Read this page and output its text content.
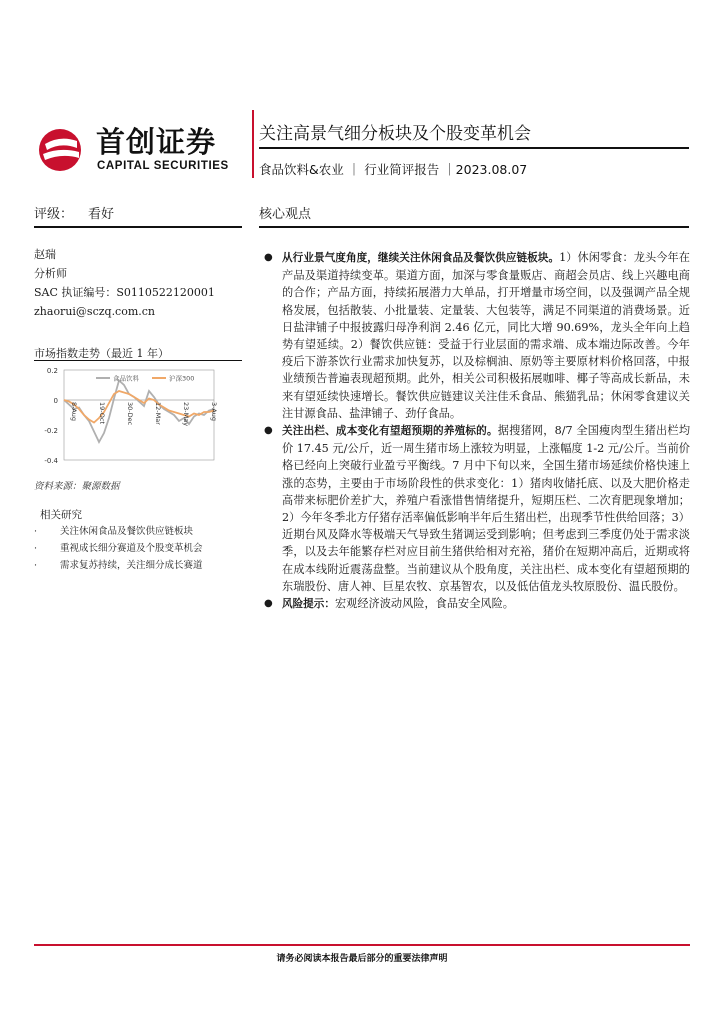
首创证券
CAPITAL SECURITIES
关注高景气细分板块及个股变革机会
食品饮料&农业 ｜ 行业简评报告 ｜2023.08.07
评级： 看好	核心观点
赵瑞
分析师
SAC 执证编号：S0110522120001
zhaorui@sczq.com.cn
市场指数走势（最近 1 年）
0.2
0
-0.2
-0.4
8-Aug	19-Oct	30-Dec	12-Mar	23-May	3-Aug
食品饮料	沪深300
资料来源：聚源数据
相关研究
· 关注休闲食品及餐饮供应链板块
· 重视成长细分赛道及个股变革机会
· 需求复苏持续，关注细分成长赛道
● 从行业景气度角度，继续关注休闲食品及餐饮供应链板块。1）休闲零食：龙头今年在产品及渠道持续变革。渠道方面，加深与零食量贩店、商超会员店、线上兴趣电商的合作；产品方面，持续拓展潜力大单品，打开增量市场空间，以及强调产品全规格发展，包括散装、小批量装、定量装、大包装等，满足不同渠道的消费场景。近日盐津铺子中报披露归母净利润 2.46 亿元，同比大增 90.69%，龙头全年向上趋势有望延续。2）餐饮供应链：受益于行业层面的需求端、成本端边际改善。今年疫后下游茶饮行业需求加快复苏，以及棕榈油、原奶等主要原材料价格回落，中报业绩预告普遍表现超预期。此外，相关公司积极拓展咖啡、椰子等高成长新品，未来有望延续快速增长。餐饮供应链建议关注佳禾食品、熊猫乳品；休闲零食建议关注甘源食品、盐津铺子、劲仔食品。
● 关注出栏、成本变化有望超预期的养殖标的。据搜猪网，8/7 全国瘦肉型生猪出栏均价 17.45 元/公斤，近一周生猪市场上涨较为明显，上涨幅度 1-2 元/公斤。当前价格已经向上突破行业盈亏平衡线。7 月中下旬以来，全国生猪市场延续价格快速上涨的态势，主要由于市场阶段性的供求变化：1）猪肉收储托底、以及大肥价格走高带来标肥价差扩大，养殖户看涨惜售情绪提升，短期压栏、二次育肥现象增加；2）今年冬季北方仔猪存活率偏低影响半年后生猪出栏，出现季节性供给回落；3）近期台风及降水等极端天气导致生猪调运受到影响；但考虑到三季度仍处于需求淡季，以及去年能繁存栏对应目前生猪供给相对充裕，猪价在短期冲高后，近期或将在成本线附近震荡盘整。当前建议从个股角度，关注出栏、成本变化有望超预期的东瑞股份、唐人神、巨星农牧、京基智农，以及低估值龙头牧原股份、温氏股份。
● 风险提示：宏观经济波动风险，食品安全风险。
请务必阅读本报告最后部分的重要法律声明
